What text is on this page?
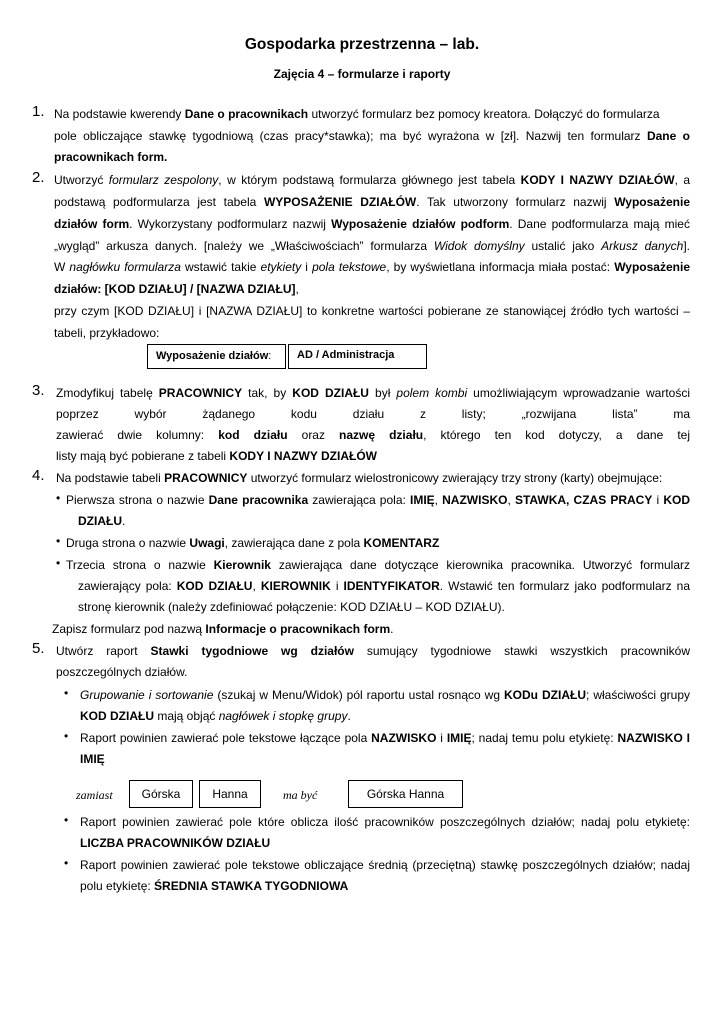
Gospodarka przestrzenna – lab.
Zajęcia 4 – formularze i raporty
1. Na podstawie kwerendy Dane o pracownikach utworzyć formularz bez pomocy kreatora. Dołączyć do formularza
pole obliczające stawkę tygodniową (czas pracy*stawka); ma być wyrażona w [zł]. Nazwij ten formularz Dane o
pracownikach form.
2. Utworzyć formularz zespolony, w którym podstawą formularza głównego jest tabela KODY I NAZWY DZIAŁÓW, a
podstawą podformularza jest tabela WYPOSAŻENIE DZIAŁÓW. Tak utworzony formularz nazwij Wyposażenie
działów form. Wykorzystany podformularz nazwij Wyposażenie działów podform. Dane podformularza mają mieć
„wygląd” arkusza danych. [należy we „Właściwościach” formularza Widok domyślny ustalić jako Arkusz danych].
W nagłówku formularza wstawić takie etykiety i pola tekstowe, by wyświetlana informacja miała postać: Wyposażenie
działów: [KOD DZIAŁU] / [NAZWA DZIAŁU],
przy czym [KOD DZIAŁU] i [NAZWA DZIAŁU] to konkretne wartości pobierane ze stanowiącej źródło tych wartości –
tabeli, przykładowo:
Wyposażenie działów:	AD / Administracja
3. Zmodyfikuj tabelę PRACOWNICY tak, by KOD DZIAŁU był polem kombi umożliwiającym wprowadzanie wartości
poprzez wybór żądanego kodu działu z listy; „rozwijana lista” ma
zawierać dwie kolumny: kod działu oraz nazwę działu, którego ten kod dotyczy, a dane tej
listy mają być pobierane z tabeli KODY I NAZWY DZIAŁÓW
4. Na podstawie tabeli PRACOWNICY utworzyć formularz wielostronicowy zwierający trzy strony (karty) obejmujące:
• Pierwsza strona o nazwie Dane pracownika zawierająca pola: IMIĘ, NAZWISKO, STAWKA, CZAS PRACY i KOD
DZIAŁU.
• Druga strona o nazwie Uwagi, zawierająca dane z pola KOMENTARZ
• Trzecia strona o nazwie Kierownik zawierająca dane dotyczące kierownika pracownika. Utworzyć formularz
zawierający pola: KOD DZIAŁU, KIEROWNIK i IDENTYFIKATOR. Wstawić ten formularz jako podformularz na
stronę kierownik (należy zdefiniować połączenie: KOD DZIAŁU – KOD DZIAŁU).
Zapisz formularz pod nazwą Informacje o pracownikach form.
5. Utwórz raport Stawki tygodniowe wg działów sumujący tygodniowe stawki wszystkich pracowników
poszczególnych działów.
• Grupowanie i sortowanie (szukaj w Menu/Widok) pól raportu ustal rosnąco wg KODu DZIAŁU; właściwości grupy
KOD DZIAŁU mają objąć nagłówek i stopkę grupy.
• Raport powinien zawierać pole tekstowe łączące pola NAZWISKO i IMIĘ; nadaj temu polu etykietę: NAZWISKO I
IMIĘ
zamiast	Górska	Hanna	ma być	Górska Hanna
• Raport powinien zawierać pole które oblicza ilość pracowników poszczególnych działów; nadaj polu etykietę:
LICZBA PRACOWNIKÓW DZIAŁU
• Raport powinien zawierać pole tekstowe obliczające średnią (przeciętną) stawkę poszczególnych działów; nadaj
polu etykietę: ŚREDNIA STAWKA TYGODNIOWA
